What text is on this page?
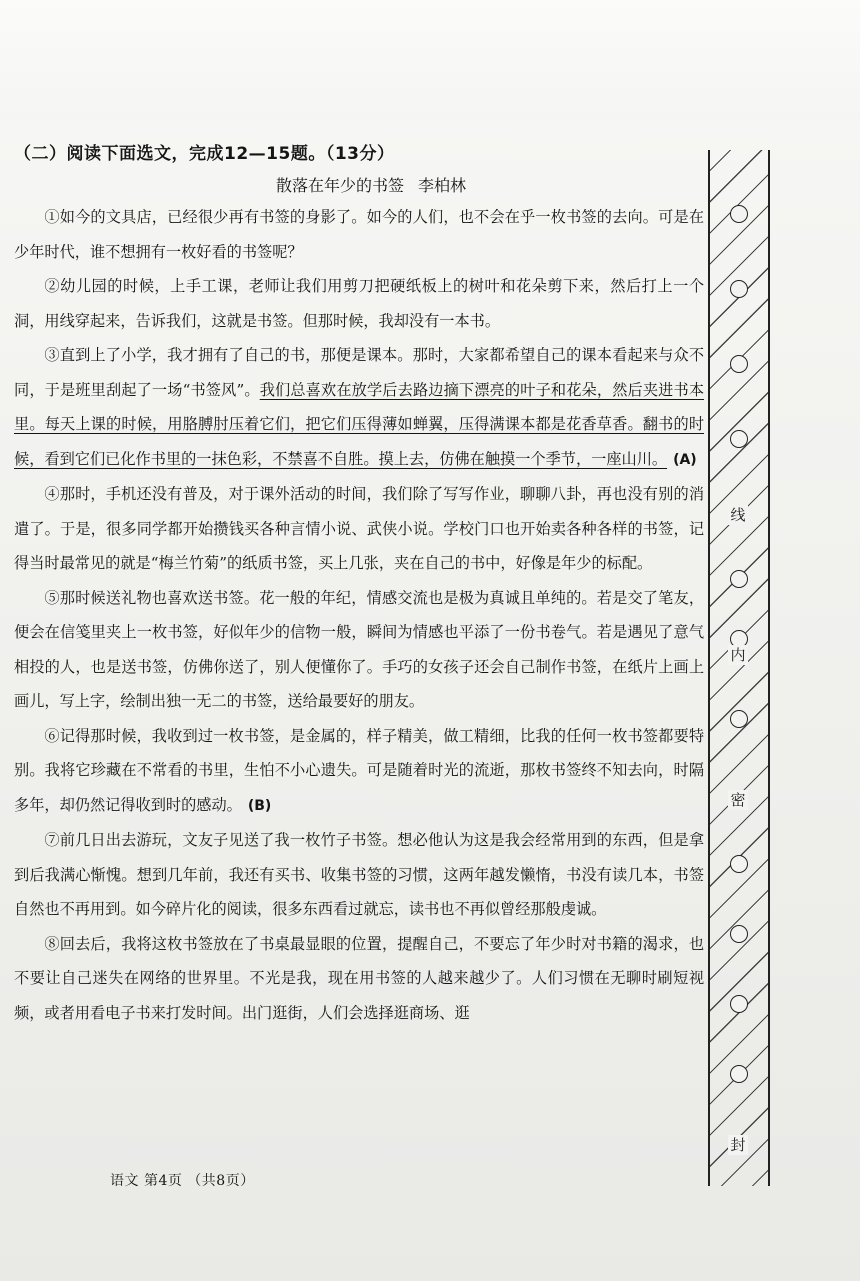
（二）阅读下面选文，完成12—15题。（13分）
散落在年少的书签 李柏林

①如今的文具店，已经很少再有书签的身影了。如今的人们，也不会在乎一枚书签的去向。可是在少年时代，谁不想拥有一枚好看的书签呢？

②幼儿园的时候，上手工课，老师让我们用剪刀把硬纸板上的树叶和花朵剪下来，然后打上一个洞，用线穿起来，告诉我们，这就是书签。但那时候，我却没有一本书。

③直到上了小学，我才拥有了自己的书，那便是课本。那时，大家都希望自己的课本看起来与众不同，于是班里刮起了一场“书签风”。我们总喜欢在放学后去路边摘下漂亮的叶子和花朵，然后夹进书本里。每天上课的时候，用胳膊肘压着它们，把它们压得薄如蝉翼，压得满课本都是花香草香。翻书的时候，看到它们已化作书里的一抹色彩，不禁喜不自胜。摸上去，仿佛在触摸一个季节，一座山川。 (A)

④那时，手机还没有普及，对于课外活动的时间，我们除了写写作业，聊聊八卦，再也没有别的消遣了。于是，很多同学都开始攒钱买各种言情小说、武侠小说。学校门口也开始卖各种各样的书签，记得当时最常见的就是“梅兰竹菊”的纸质书签，买上几张，夹在自己的书中，好像是年少的标配。

⑤那时候送礼物也喜欢送书签。花一般的年纪，情感交流也是极为真诚且单纯的。若是交了笔友，便会在信笺里夹上一枚书签，好似年少的信物一般，瞬间为情感也平添了一份书卷气。若是遇见了意气相投的人，也是送书签，仿佛你送了，别人便懂你了。手巧的女孩子还会自己制作书签，在纸片上画上画儿，写上字，绘制出独一无二的书签，送给最要好的朋友。

⑥记得那时候，我收到过一枚书签，是金属的，样子精美，做工精细，比我的任何一枚书签都要特别。我将它珍藏在不常看的书里，生怕不小心遗失。可是随着时光的流逝，那枚书签终不知去向，时隔多年，却仍然记得收到时的感动。 (B)

⑦前几日出去游玩，文友子见送了我一枚竹子书签。想必他认为这是我会经常用到的东西，但是拿到后我满心惭愧。想到几年前，我还有买书、收集书签的习惯，这两年越发懒惰，书没有读几本，书签自然也不再用到。如今碎片化的阅读，很多东西看过就忘，读书也不再似曾经那般虔诚。

⑧回去后，我将这枚书签放在了书桌最显眼的位置，提醒自己，不要忘了年少时对书籍的渴求，也不要让自己迷失在网络的世界里。不光是我，现在用书签的人越来越少了。人们习惯在无聊时刷短视频，或者用看电子书来打发时间。出门逛街，人们会选择逛商场、逛

语文 第4页 （共8页）
线
内
密
封
